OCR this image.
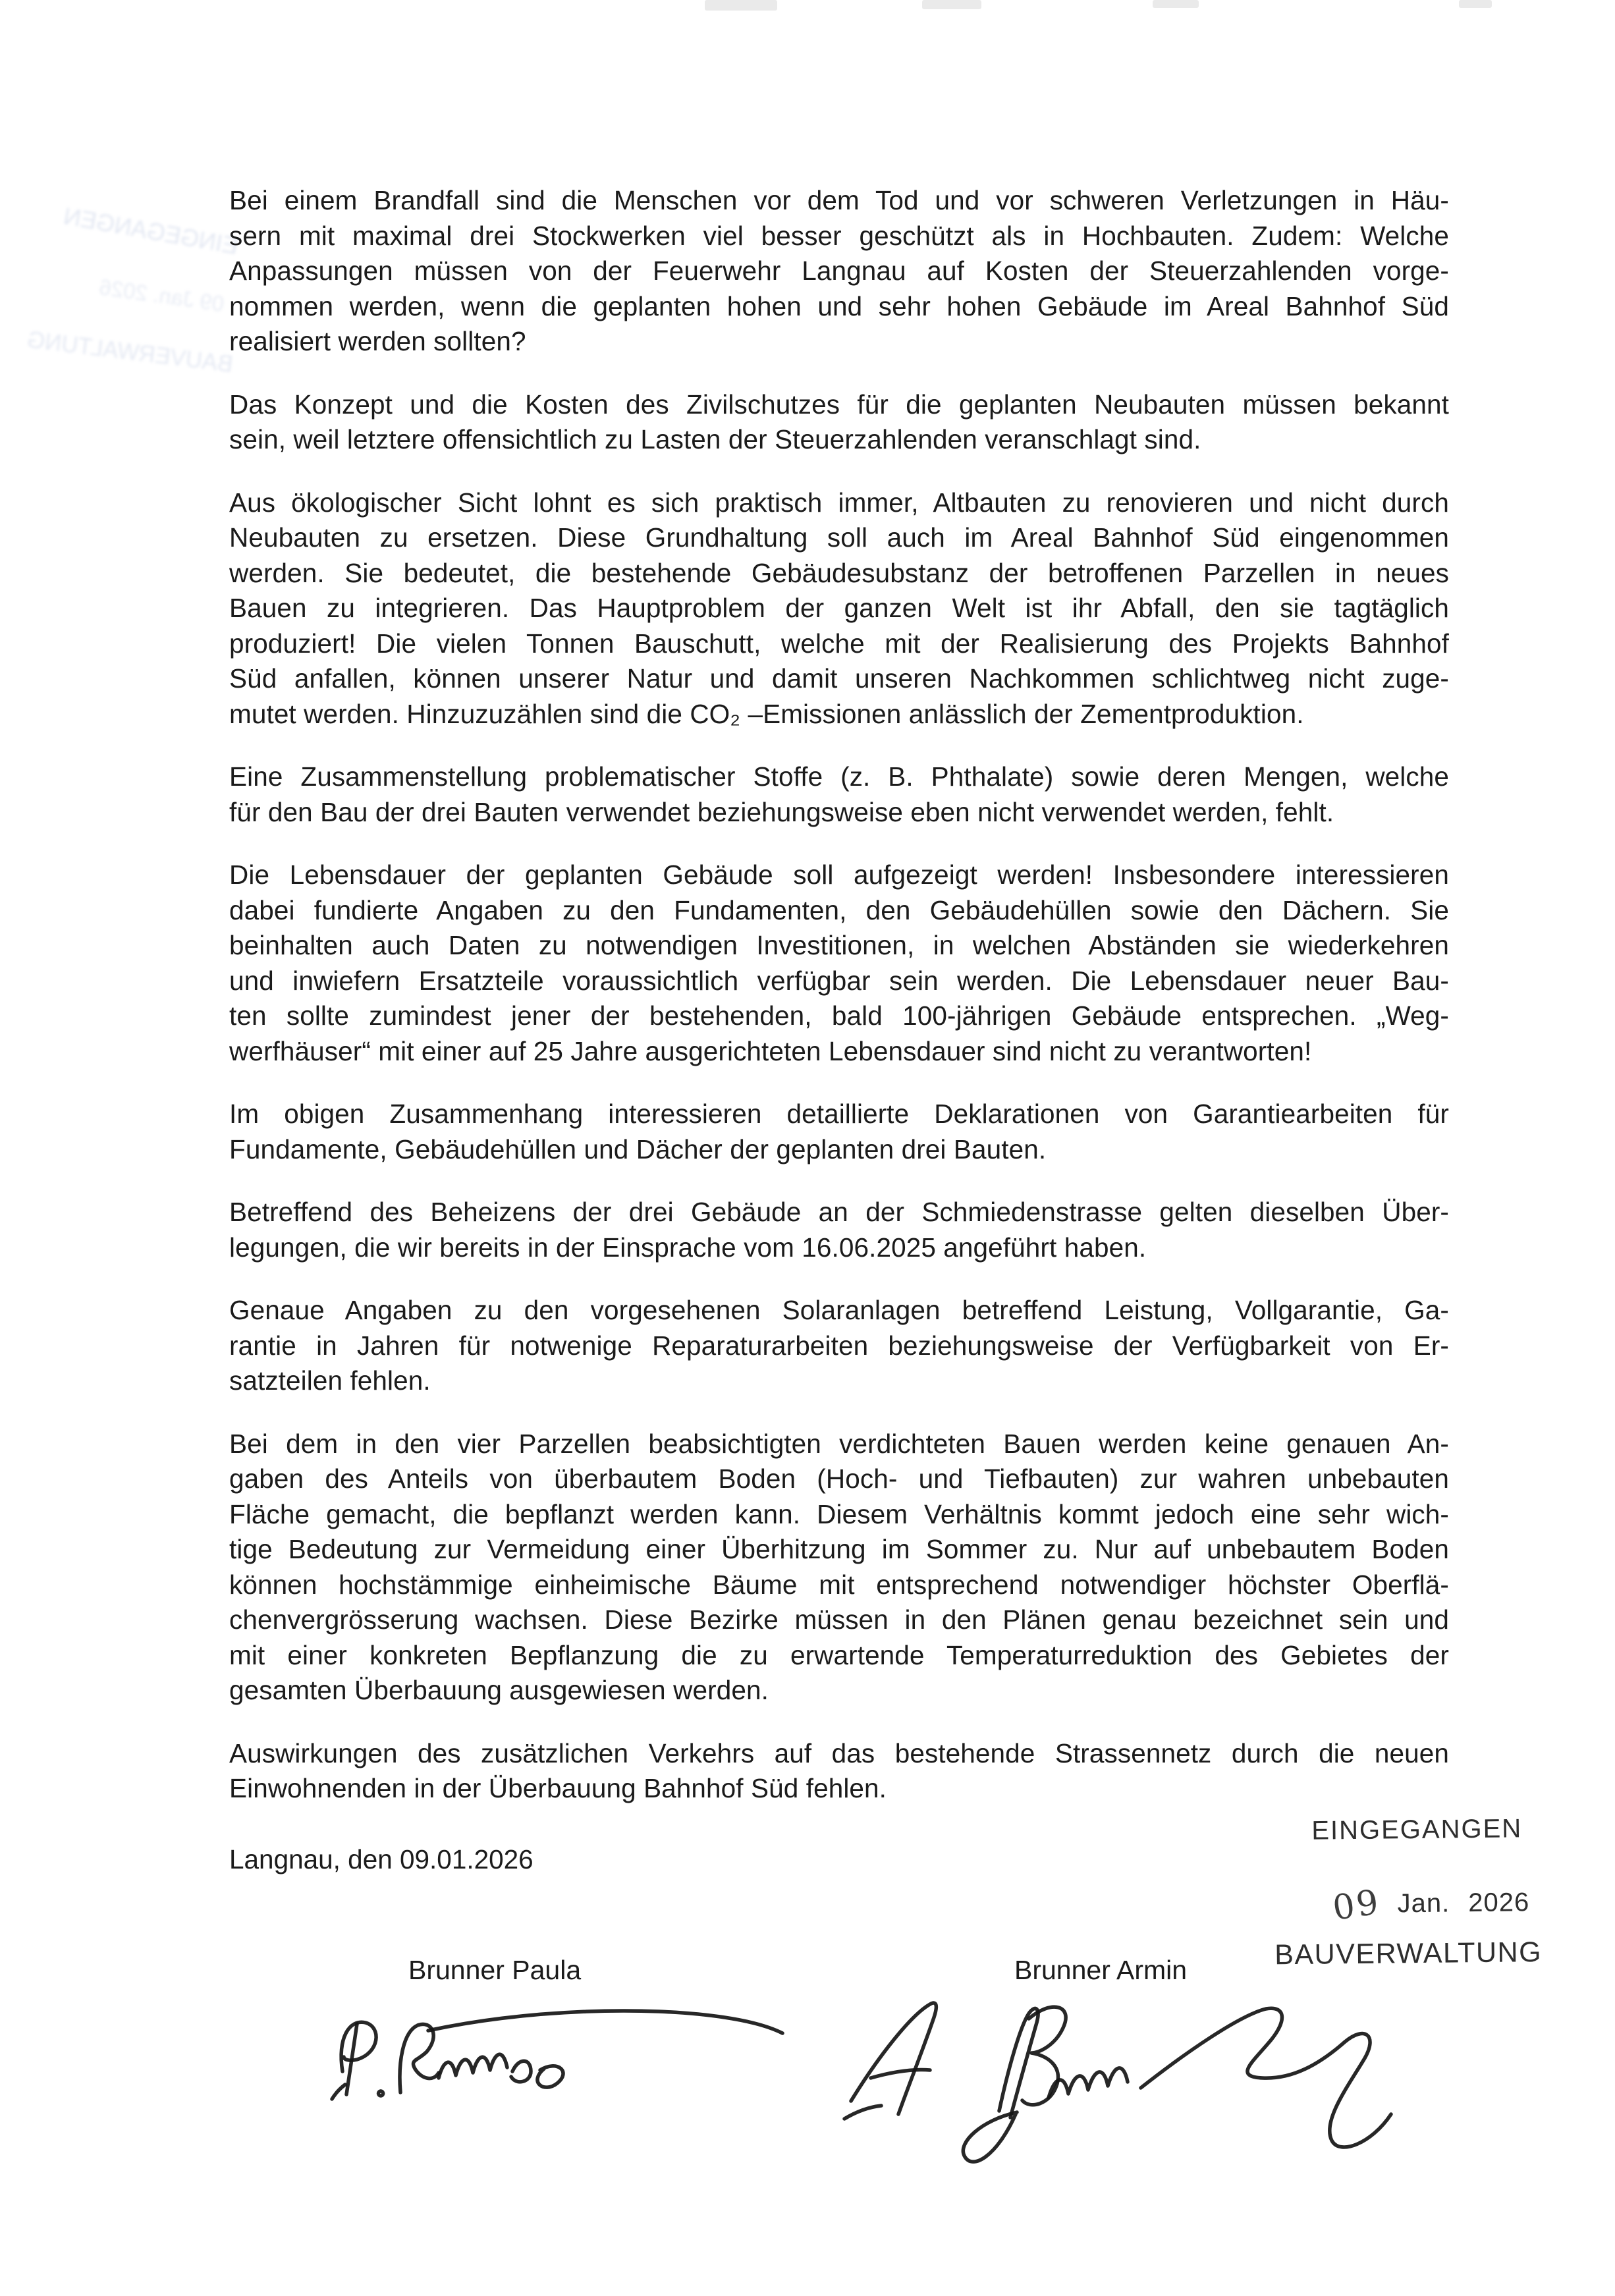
EINGEGANGEN
09 Jan. 2026
BAUVERWALTUNG
Bei einem Brandfall sind die Menschen vor dem Tod und vor schweren Verletzungen in Häu-
sern mit maximal drei Stockwerken viel besser geschützt als in Hochbauten. Zudem: Welche
Anpassungen müssen von der Feuerwehr Langnau auf Kosten der Steuerzahlenden vorge-
nommen werden, wenn die geplanten hohen und sehr hohen Gebäude im Areal Bahnhof Süd
realisiert werden sollten?
Das Konzept und die Kosten des Zivilschutzes für die geplanten Neubauten müssen bekannt
sein, weil letztere offensichtlich zu Lasten der Steuerzahlenden veranschlagt sind.
Aus ökologischer Sicht lohnt es sich praktisch immer, Altbauten zu renovieren und nicht durch
Neubauten zu ersetzen. Diese Grundhaltung soll auch im Areal Bahnhof Süd eingenommen
werden. Sie bedeutet, die bestehende Gebäudesubstanz der betroffenen Parzellen in neues
Bauen zu integrieren. Das Hauptproblem der ganzen Welt ist ihr Abfall, den sie tagtäglich
produziert! Die vielen Tonnen Bauschutt, welche mit der Realisierung des Projekts Bahnhof
Süd anfallen, können unserer Natur und damit unseren Nachkommen schlichtweg nicht zuge-
mutet werden. Hinzuzuzählen sind die CO₂ –Emissionen anlässlich der Zementproduktion.
Eine Zusammenstellung problematischer Stoffe (z. B. Phthalate) sowie deren Mengen, welche
für den Bau der drei Bauten verwendet beziehungsweise eben nicht verwendet werden, fehlt.
Die Lebensdauer der geplanten Gebäude soll aufgezeigt werden! Insbesondere interessieren
dabei fundierte Angaben zu den Fundamenten, den Gebäudehüllen sowie den Dächern. Sie
beinhalten auch Daten zu notwendigen Investitionen, in welchen Abständen sie wiederkehren
und inwiefern Ersatzteile voraussichtlich verfügbar sein werden. Die Lebensdauer neuer Bau-
ten sollte zumindest jener der bestehenden, bald 100-jährigen Gebäude entsprechen. „Weg-
werfhäuser“ mit einer auf 25 Jahre ausgerichteten Lebensdauer sind nicht zu verantworten!
Im obigen Zusammenhang interessieren detaillierte Deklarationen von Garantiearbeiten für
Fundamente, Gebäudehüllen und Dächer der geplanten drei Bauten.
Betreffend des Beheizens der drei Gebäude an der Schmiedenstrasse gelten dieselben Über-
legungen, die wir bereits in der Einsprache vom 16.06.2025 angeführt haben.
Genaue Angaben zu den vorgesehenen Solaranlagen betreffend Leistung, Vollgarantie, Ga-
rantie in Jahren für notwenige Reparaturarbeiten beziehungsweise der Verfügbarkeit von Er-
satzteilen fehlen.
Bei dem in den vier Parzellen beabsichtigten verdichteten Bauen werden keine genauen An-
gaben des Anteils von überbautem Boden (Hoch- und Tiefbauten) zur wahren unbebauten
Fläche gemacht, die bepflanzt werden kann. Diesem Verhältnis kommt jedoch eine sehr wich-
tige Bedeutung zur Vermeidung einer Überhitzung im Sommer zu. Nur auf unbebautem Boden
können hochstämmige einheimische Bäume mit entsprechend notwendiger höchster Oberflä-
chenvergrösserung wachsen. Diese Bezirke müssen in den Plänen genau bezeichnet sein und
mit einer konkreten Bepflanzung die zu erwartende Temperaturreduktion des Gebietes der
gesamten Überbauung ausgewiesen werden.
Auswirkungen des zusätzlichen Verkehrs auf das bestehende Strassennetz durch die neuen
Einwohnenden in der Überbauung Bahnhof Süd fehlen.
Langnau, den 09.01.2026
EINGEGANGEN
09 Jan. 2026
BAUVERWALTUNG
Brunner Paula	Brunner Armin
